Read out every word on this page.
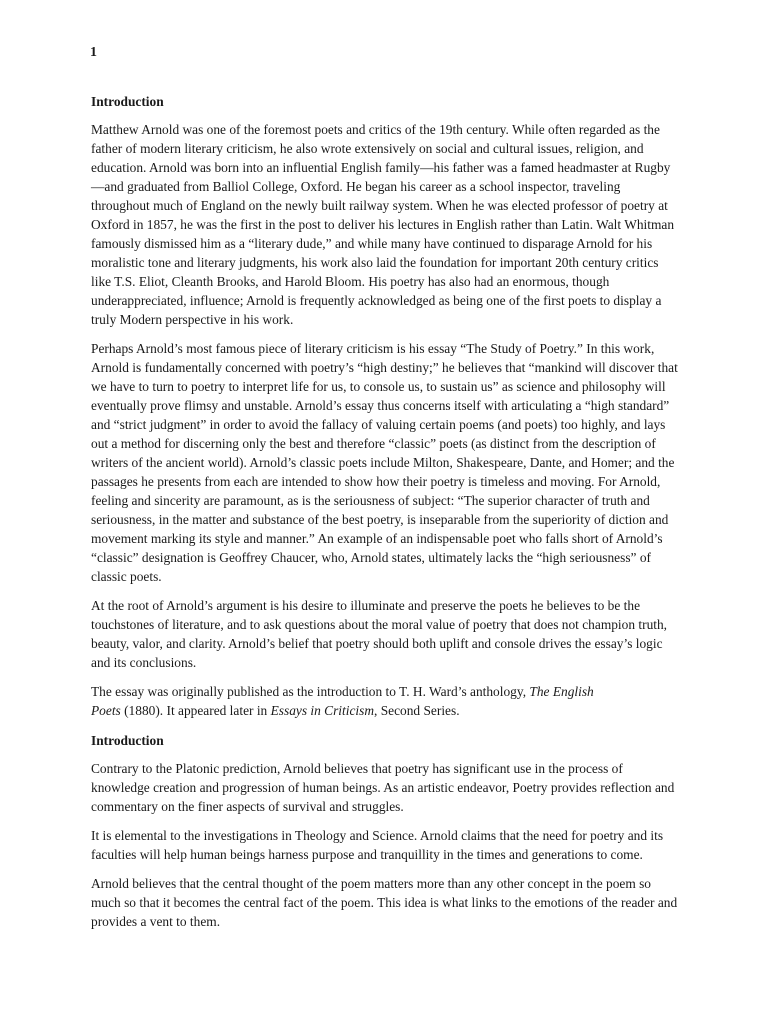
1
Introduction

Matthew Arnold was one of the foremost poets and critics of the 19th century. While often regarded as the father of modern literary criticism, he also wrote extensively on social and cultural issues, religion, and education. Arnold was born into an influential English family—his father was a famed headmaster at Rugby—and graduated from Balliol College, Oxford. He began his career as a school inspector, traveling throughout much of England on the newly built railway system. When he was elected professor of poetry at Oxford in 1857, he was the first in the post to deliver his lectures in English rather than Latin. Walt Whitman famously dismissed him as a “literary dude,” and while many have continued to disparage Arnold for his moralistic tone and literary judgments, his work also laid the foundation for important 20th century critics like T.S. Eliot, Cleanth Brooks, and Harold Bloom. His poetry has also had an enormous, though underappreciated, influence; Arnold is frequently acknowledged as being one of the first poets to display a truly Modern perspective in his work.

Perhaps Arnold’s most famous piece of literary criticism is his essay “The Study of Poetry.” In this work, Arnold is fundamentally concerned with poetry’s “high destiny;” he believes that “mankind will discover that we have to turn to poetry to interpret life for us, to console us, to sustain us” as science and philosophy will eventually prove flimsy and unstable. Arnold’s essay thus concerns itself with articulating a “high standard” and “strict judgment” in order to avoid the fallacy of valuing certain poems (and poets) too highly, and lays out a method for discerning only the best and therefore “classic” poets (as distinct from the description of writers of the ancient world). Arnold’s classic poets include Milton, Shakespeare, Dante, and Homer; and the passages he presents from each are intended to show how their poetry is timeless and moving. For Arnold, feeling and sincerity are paramount, as is the seriousness of subject: “The superior character of truth and seriousness, in the matter and substance of the best poetry, is inseparable from the superiority of diction and movement marking its style and manner.” An example of an indispensable poet who falls short of Arnold’s “classic” designation is Geoffrey Chaucer, who, Arnold states, ultimately lacks the “high seriousness” of classic poets.

At the root of Arnold’s argument is his desire to illuminate and preserve the poets he believes to be the touchstones of literature, and to ask questions about the moral value of poetry that does not champion truth, beauty, valor, and clarity. Arnold’s belief that poetry should both uplift and console drives the essay’s logic and its conclusions.

The essay was originally published as the introduction to T. H. Ward’s anthology, The English
Poets (1880). It appeared later in Essays in Criticism, Second Series.

Introduction

Contrary to the Platonic prediction, Arnold believes that poetry has significant use in the process of knowledge creation and progression of human beings. As an artistic endeavor, Poetry provides reflection and commentary on the finer aspects of survival and struggles.

It is elemental to the investigations in Theology and Science. Arnold claims that the need for poetry and its faculties will help human beings harness purpose and tranquillity in the times and generations to come.

Arnold believes that the central thought of the poem matters more than any other concept in the poem so much so that it becomes the central fact of the poem. This idea is what links to the emotions of the reader and provides a vent to them.
